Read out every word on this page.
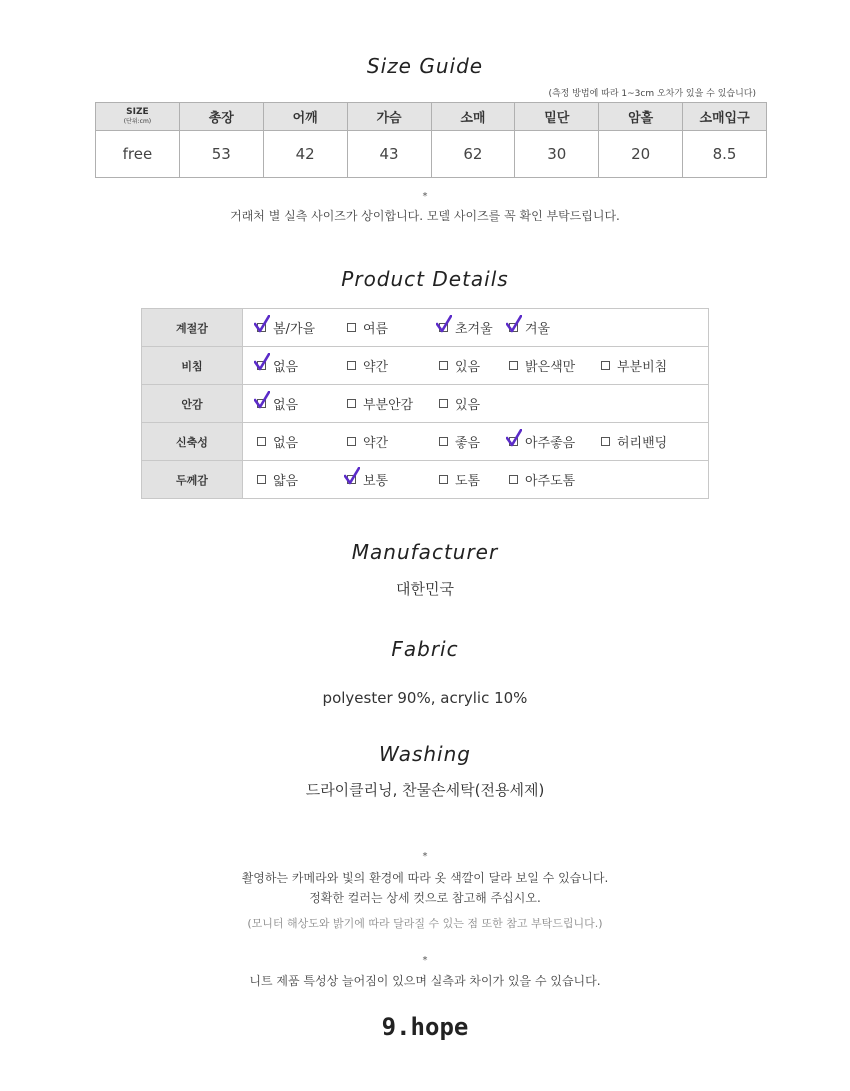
Size Guide
(측정 방법에 따라 1~3cm 오차가 있을 수 있습니다)
SIZE
(단위:cm)	총장	어깨	가슴	소매	밑단	암홀	소매입구
free	53	42	43	62	30	20	8.5
*
거래처 별 실측 사이즈가 상이합니다. 모델 사이즈를 꼭 확인 부탁드립니다.
Product Details
계절감	봄/가을 여름 초겨울 겨울

비침	없음 약간 있음 밝은색만 부분비침

안감	없음 부분안감 있음

신축성	없음 약간 좋음 아주좋음 허리밴딩

두께감	얇음 보통 도톰 아주도톰
Manufacturer
대한민국
Fabric
polyester 90%, acrylic 10%
Washing
드라이클리닝, 찬물손세탁(전용세제)
*
촬영하는 카메라와 빛의 환경에 따라 옷 색깔이 달라 보일 수 있습니다.
정확한 컬러는 상세 컷으로 참고해 주십시오.
(모니터 해상도와 밝기에 따라 달라질 수 있는 점 또한 참고 부탁드립니다.)
*
니트 제품 특성상 늘어짐이 있으며 실측과 차이가 있을 수 있습니다.
9.hope
